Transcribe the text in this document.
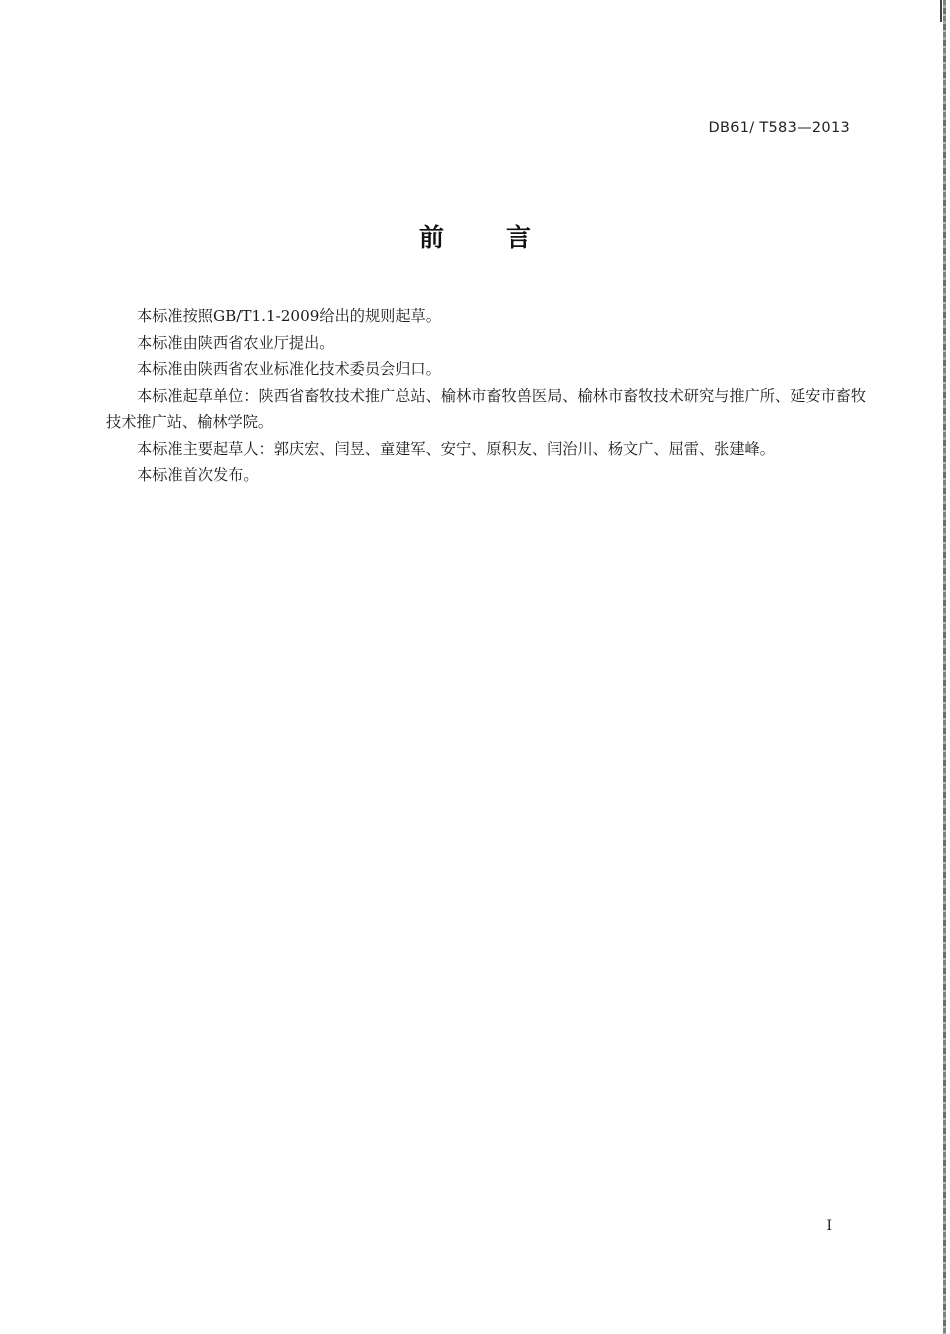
DB61/ T583—2013
前言

本标准按照GB/T1.1-2009给出的规则起草。

本标准由陕西省农业厅提出。

本标准由陕西省农业标准化技术委员会归口。

本标准起草单位：陕西省畜牧技术推广总站、榆林市畜牧兽医局、榆林市畜牧技术研究与推广所、延安市畜牧技术推广站、榆林学院。

本标准主要起草人：郭庆宏、闫昱、童建军、安宁、原积友、闫治川、杨文广、屈雷、张建峰。

本标准首次发布。

I
